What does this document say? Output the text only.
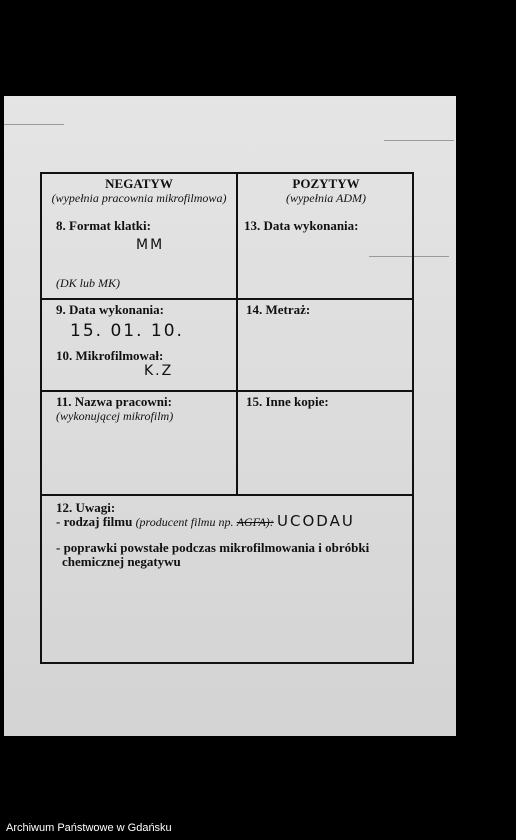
NEGATYW
(wypełnia pracownia mikrofilmowa)
POZYTYW
(wypełnia ADM)
8. Format klatki:
MM
(DK lub MK)
13. Data wykonania:
9. Data wykonania:
15. 01. 10.
10. Mikrofilmował:
K.Z
14. Metraż:
11. Nazwa pracowni:
(wykonującej mikrofilm)
15. Inne kopie:
12. Uwagi:
- rodzaj filmu (producent filmu np. AGFA): UCODAU
- poprawki powstałe podczas mikrofilmowania i obróbki
chemicznej negatywu
Archiwum Państwowe w Gdańsku
